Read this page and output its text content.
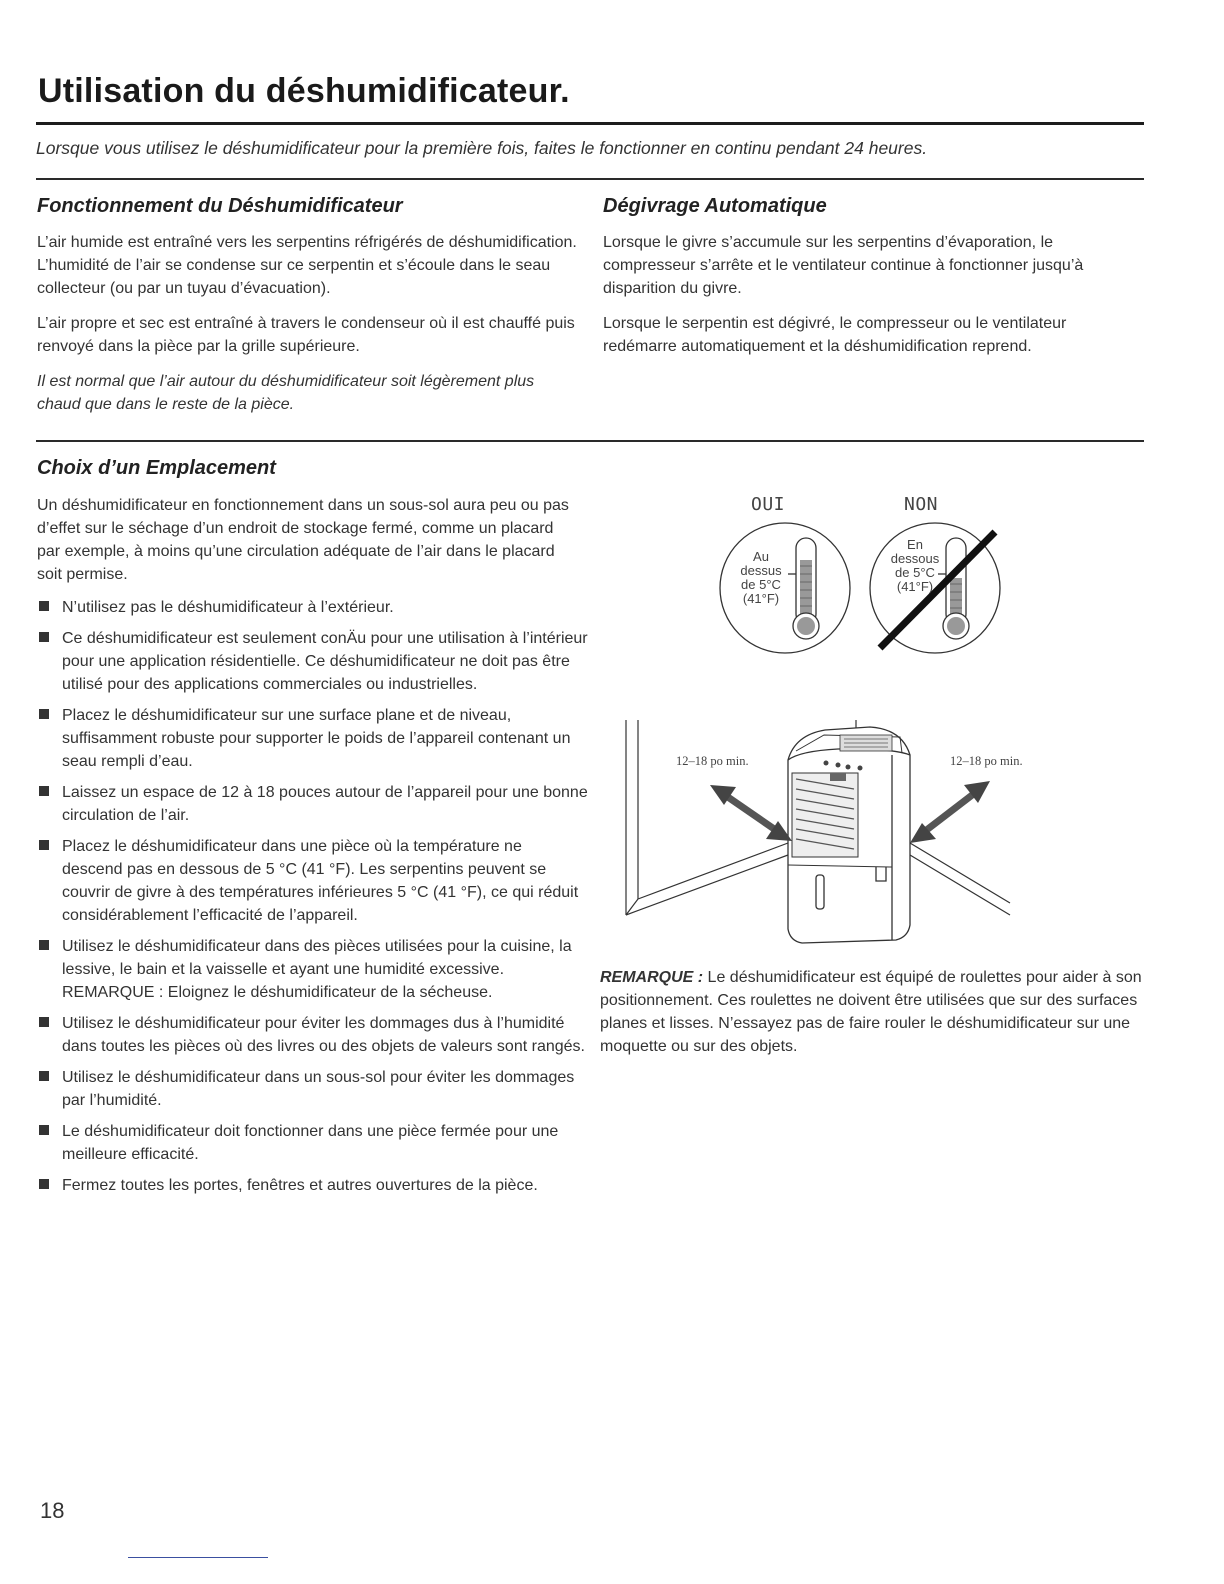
Utilisation du déshumidificateur.

Lorsque vous utilisez le déshumidificateur pour la première fois, faites le fonctionner en continu pendant 24 heures.

Fonctionnement du Déshumidificateur

L’air humide est entraîné vers les serpentins réfrigérés de déshumidification. L’humidité de l’air se condense sur ce serpentin et s’écoule dans le seau collecteur (ou par un tuyau d’évacuation).

L’air propre et sec est entraîné à travers le condenseur où il est chauffé puis renvoyé dans la pièce par la grille supérieure.

Il est normal que l’air autour du déshumidificateur soit légèrement plus chaud que dans le reste de la pièce.

Dégivrage Automatique

Lorsque le givre s’accumule sur les serpentins d’évaporation, le compresseur s’arrête et le ventilateur continue à fonctionner jusqu’à disparition du givre.

Lorsque le serpentin est dégivré, le compresseur ou le ventilateur redémarre automatiquement et la déshumidification reprend.

Choix d’un Emplacement

Un déshumidificateur en fonctionnement dans un sous-sol aura peu ou pas d’effet sur le séchage d’un endroit de stockage fermé, comme un placard par exemple, à moins qu’une circulation adéquate de l’air dans le placard soit permise.

N’utilisez pas le déshumidificateur à l’extérieur.
Ce déshumidificateur est seulement conÄu pour une utilisation à l’intérieur pour une application résidentielle. Ce déshumidificateur ne doit pas être utilisé pour des applications commerciales ou industrielles.
Placez le déshumidificateur sur une surface plane et de niveau, suffisamment robuste pour supporter le poids de l’appareil contenant un seau rempli d’eau.
Laissez un espace de 12 à 18 pouces autour de l’appareil pour une bonne circulation de l’air.
Placez le déshumidificateur dans une pièce où la température ne descend pas en dessous de 5 °C (41 °F). Les serpentins peuvent se couvrir de givre à des températures inférieures 5 °C (41 °F), ce qui réduit considérablement l’efficacité de l’appareil.
Utilisez le déshumidificateur dans des pièces utilisées pour la cuisine, la lessive, le bain et la vaisselle et ayant une humidité excessive. REMARQUE : Eloignez le déshumidificateur de la sécheuse.
Utilisez le déshumidificateur pour éviter les dommages dus à l’humidité dans toutes les pièces où des livres ou des objets de valeurs sont rangés.
Utilisez le déshumidificateur dans un sous-sol pour éviter les dommages par l’humidité.
Le déshumidificateur doit fonctionner dans une pièce fermée pour une meilleure efficacité.
Fermez toutes les portes, fenêtres et autres ouvertures de la pièce.

OUI	NON

Au
dessus
de 5°C
(41°F)
En
dessous
de 5°C
(41°F)

12–18 po min.	12–18 po min.

REMARQUE : Le déshumidificateur est équipé de roulettes pour aider à son positionnement. Ces roulettes ne doivent être utilisées que sur des surfaces planes et lisses. N’essayez pas de faire rouler le déshumidificateur sur une moquette ou sur des objets.

18
